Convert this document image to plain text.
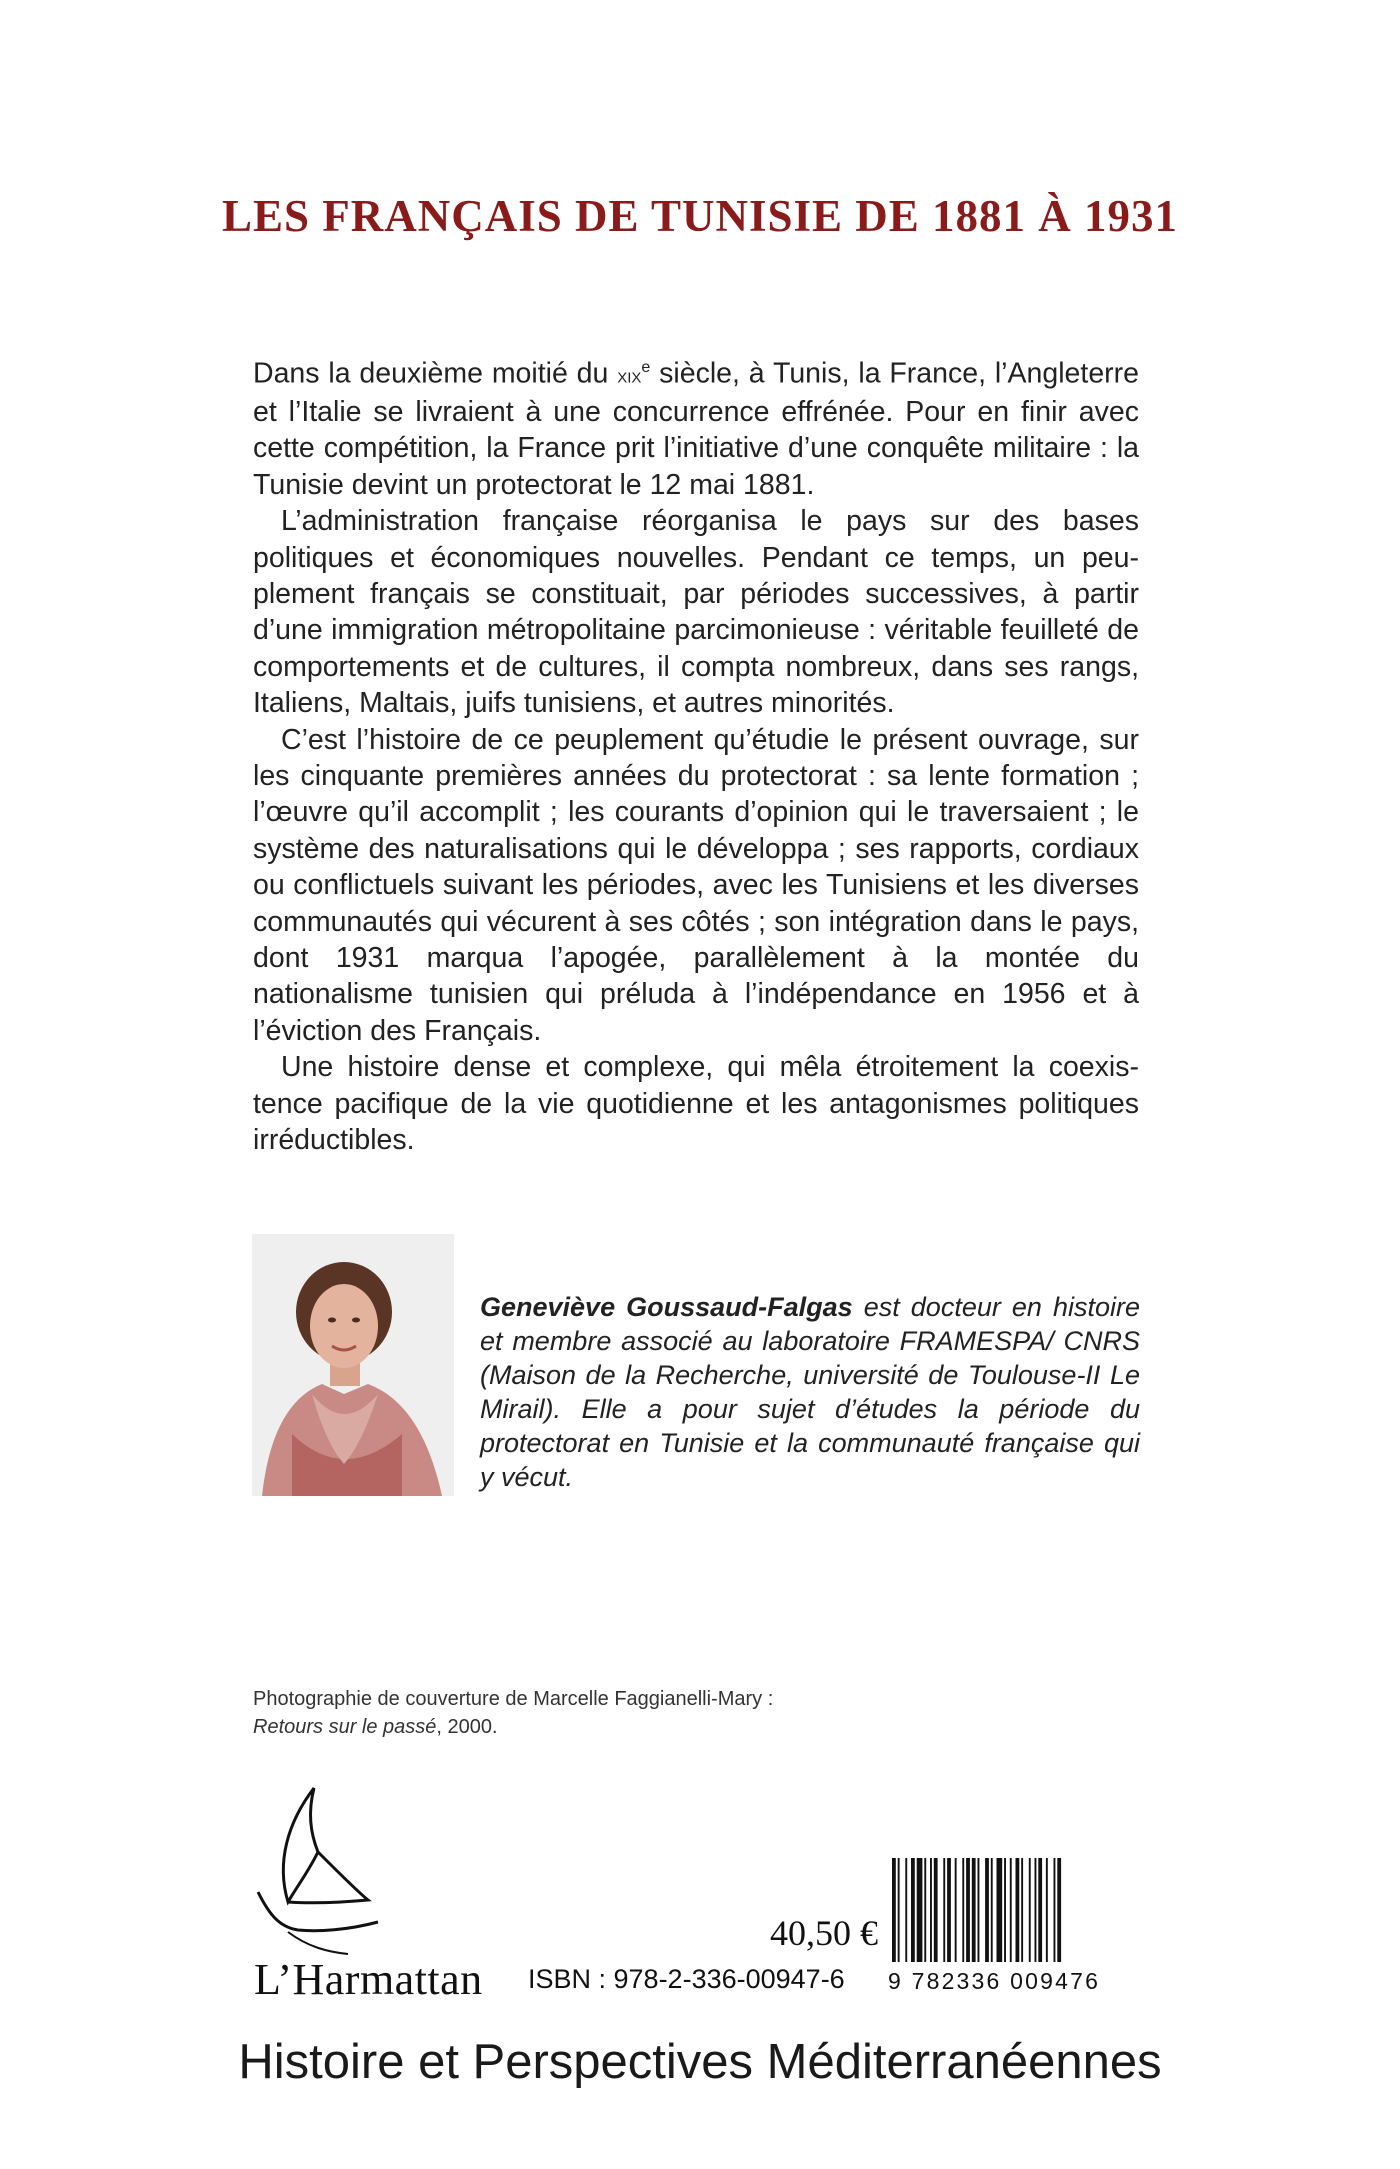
LES FRANÇAIS DE TUNISIE DE 1881 À 1931

Dans la deuxième moitié du xix$^e$ siècle, à Tunis, la France, l’Angleterre et l’Italie se livraient à une concurrence effrénée. Pour en finir avec cette compétition, la France prit l’initiative d’une conquête militaire : la Tunisie devint un protectorat le 12 mai 1881.

L’administration française réorganisa le pays sur des bases politiques et économiques nouvelles. Pendant ce temps, un peuplement français se constituait, par périodes successives, à partir d’une immigration métropolitaine parcimonieuse : véritable feuilleté de comportements et de cultures, il compta nombreux, dans ses rangs, Italiens, Maltais, juifs tunisiens, et autres minorités.

C’est l’histoire de ce peuplement qu’étudie le présent ouvrage, sur les cinquante premières années du protectorat : sa lente formation ; l’œuvre qu’il accomplit ; les courants d’opinion qui le traversaient ; le système des naturalisations qui le développa ; ses rapports, cordiaux ou conflictuels suivant les périodes, avec les Tunisiens et les diverses communautés qui vécurent à ses côtés ; son intégration dans le pays, dont 1931 marqua l’apogée, parallèlement à la montée du nationalisme tunisien qui préluda à l’indépendance en 1956 et à l’éviction des Français.

Une histoire dense et complexe, qui mêla étroitement la coexistence pacifique de la vie quotidienne et les antagonismes politiques irréductibles.

Geneviève Goussaud-Falgas est docteur en histoire et membre associé au laboratoire FRAMESPA/ CNRS (Maison de la Recherche, université de Toulouse-II Le Mirail). Elle a pour sujet d’études la période du protectorat en Tunisie et la communauté française qui y vécut.
Photographie de couverture de Marcelle Faggianelli-Mary :
Retours sur le passé, 2000.
L’Harmattan
40,50 €
ISBN : 978-2-336-00947-6	9 782336 009476
Histoire et Perspectives Méditerranéennes
